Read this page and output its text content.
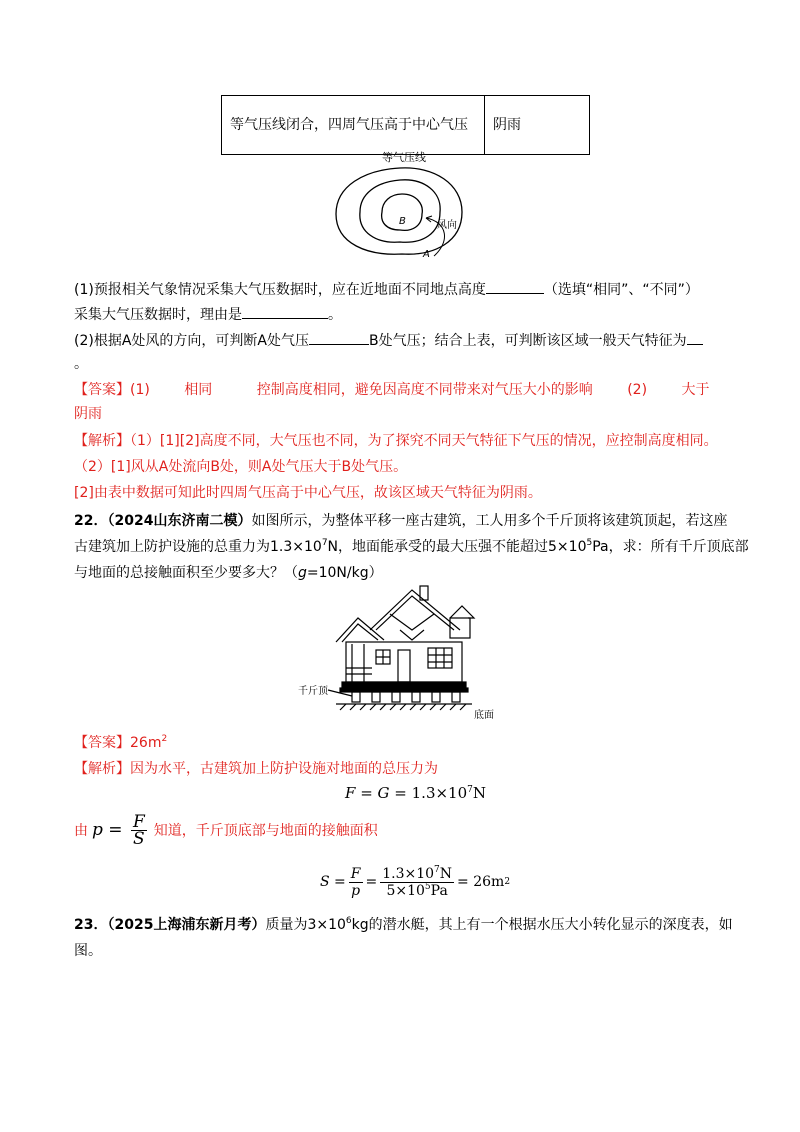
等气压线闭合，四周气压高于中心气压	阴雨
等气压线
B	风向
A
(1)预报相关气象情况采集大气压数据时，应在近地面不同地点高度	（选填“相同”、“不同”）
采集大气压数据时，理由是	。
(2)根据A处风的方向，可判断A处气压	B处气压；结合上表，可判断该区域一般天气特征为
。
【答案】(1) 相同	控制高度相同，避免因高度不同带来对气压大小的影响 (2) 大于
阴雨
【解析】（1）[1][2]高度不同，大气压也不同，为了探究不同天气特征下气压的情况，应控制高度相同。
（2）[1]风从A处流向B处，则A处气压大于B处气压。
[2]由表中数据可知此时四周气压高于中心气压，故该区域天气特征为阴雨。
22．（2024山东济南二模）如图所示，为整体平移一座古建筑，工人用多个千斤顶将该建筑顶起，若这座
古建筑加上防护设施的总重力为$1.3\times 10^7N$，地面能承受的最大压强不能超过$5\times 10^5Pa$，求：所有千斤顶底部
与地面的总接触面积至少要多大？（g=10N/kg）
千斤顶
底面
【答案】$26m^2$
【解析】因为水平，古建筑加上防护设施对地面的总压力为
$F = G = 1.3\times 10^7N$
由 $p = \frac{F}{S}$ 知道，千斤顶底部与地面的接触面积
$S = \frac{F}{p} = \frac{1.3\times 10^7N}{5\times 10^5Pa} = 26m$ 2
23．（2025上海浦东新月考）质量为$3\times 10^6kg$的潜水艇，其上有一个根据水压大小转化显示的深度表，如
图。
